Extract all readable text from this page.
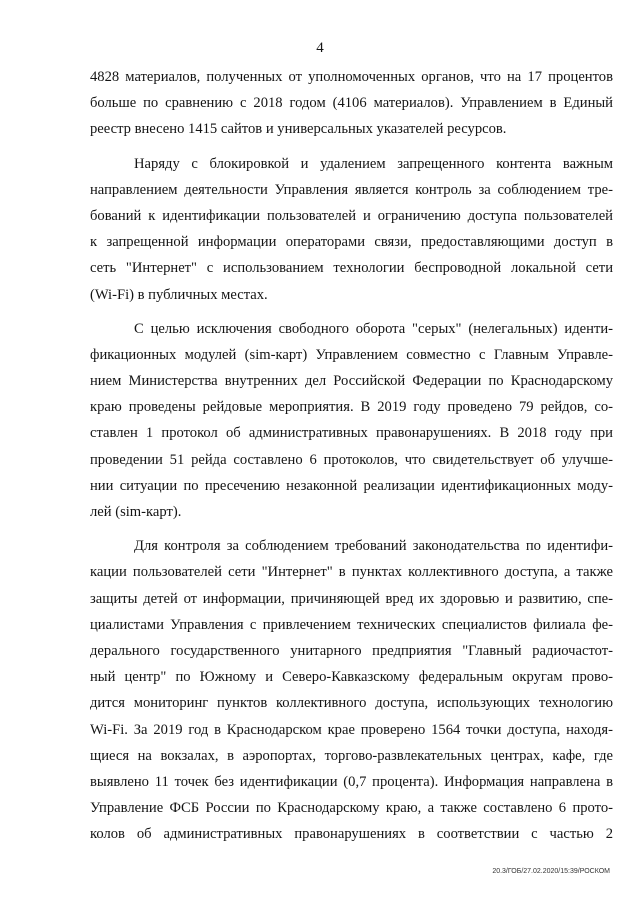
4
4828 материалов, полученных от уполномоченных органов, что на 17 процентов
больше по сравнению с 2018 годом (4106 материалов). Управлением в Единый
реестр внесено 1415 сайтов и универсальных указателей ресурсов.
Наряду с блокировкой и удалением запрещенного контента важным
направлением деятельности Управления является контроль за соблюдением тре-
бований к идентификации пользователей и ограничению доступа пользователей
к запрещенной информации операторами связи, предоставляющими доступ в
сеть "Интернет" с использованием технологии беспроводной локальной сети
(Wi-Fi) в публичных местах.
С целью исключения свободного оборота "серых" (нелегальных) иденти-
фикационных модулей (sim-карт) Управлением совместно с Главным Управле-
нием Министерства внутренних дел Российской Федерации по Краснодарскому
краю проведены рейдовые мероприятия. В 2019 году проведено 79 рейдов, со-
ставлен 1 протокол об административных правонарушениях. В 2018 году при
проведении 51 рейда составлено 6 протоколов, что свидетельствует об улучше-
нии ситуации по пресечению незаконной реализации идентификационных моду-
лей (sim-карт).
Для контроля за соблюдением требований законодательства по идентифи-
кации пользователей сети "Интернет" в пунктах коллективного доступа, а также
защиты детей от информации, причиняющей вред их здоровью и развитию, спе-
циалистами Управления с привлечением технических специалистов филиала фе-
дерального государственного унитарного предприятия "Главный радиочастот-
ный центр" по Южному и Северо-Кавказскому федеральным округам прово-
дится мониторинг пунктов коллективного доступа, использующих технологию
Wi-Fi. За 2019 год в Краснодарском крае проверено 1564 точки доступа, находя-
щиеся на вокзалах, в аэропортах, торгово-развлекательных центрах, кафе, где
выявлено 11 точек без идентификации (0,7 процента). Информация направлена в
Управление ФСБ России по Краснодарскому краю, а также составлено 6 прото-
колов об административных правонарушениях в соответствии с частью 2
20.3/ГОБ/27.02.2020/15:39/РОСКОМ
